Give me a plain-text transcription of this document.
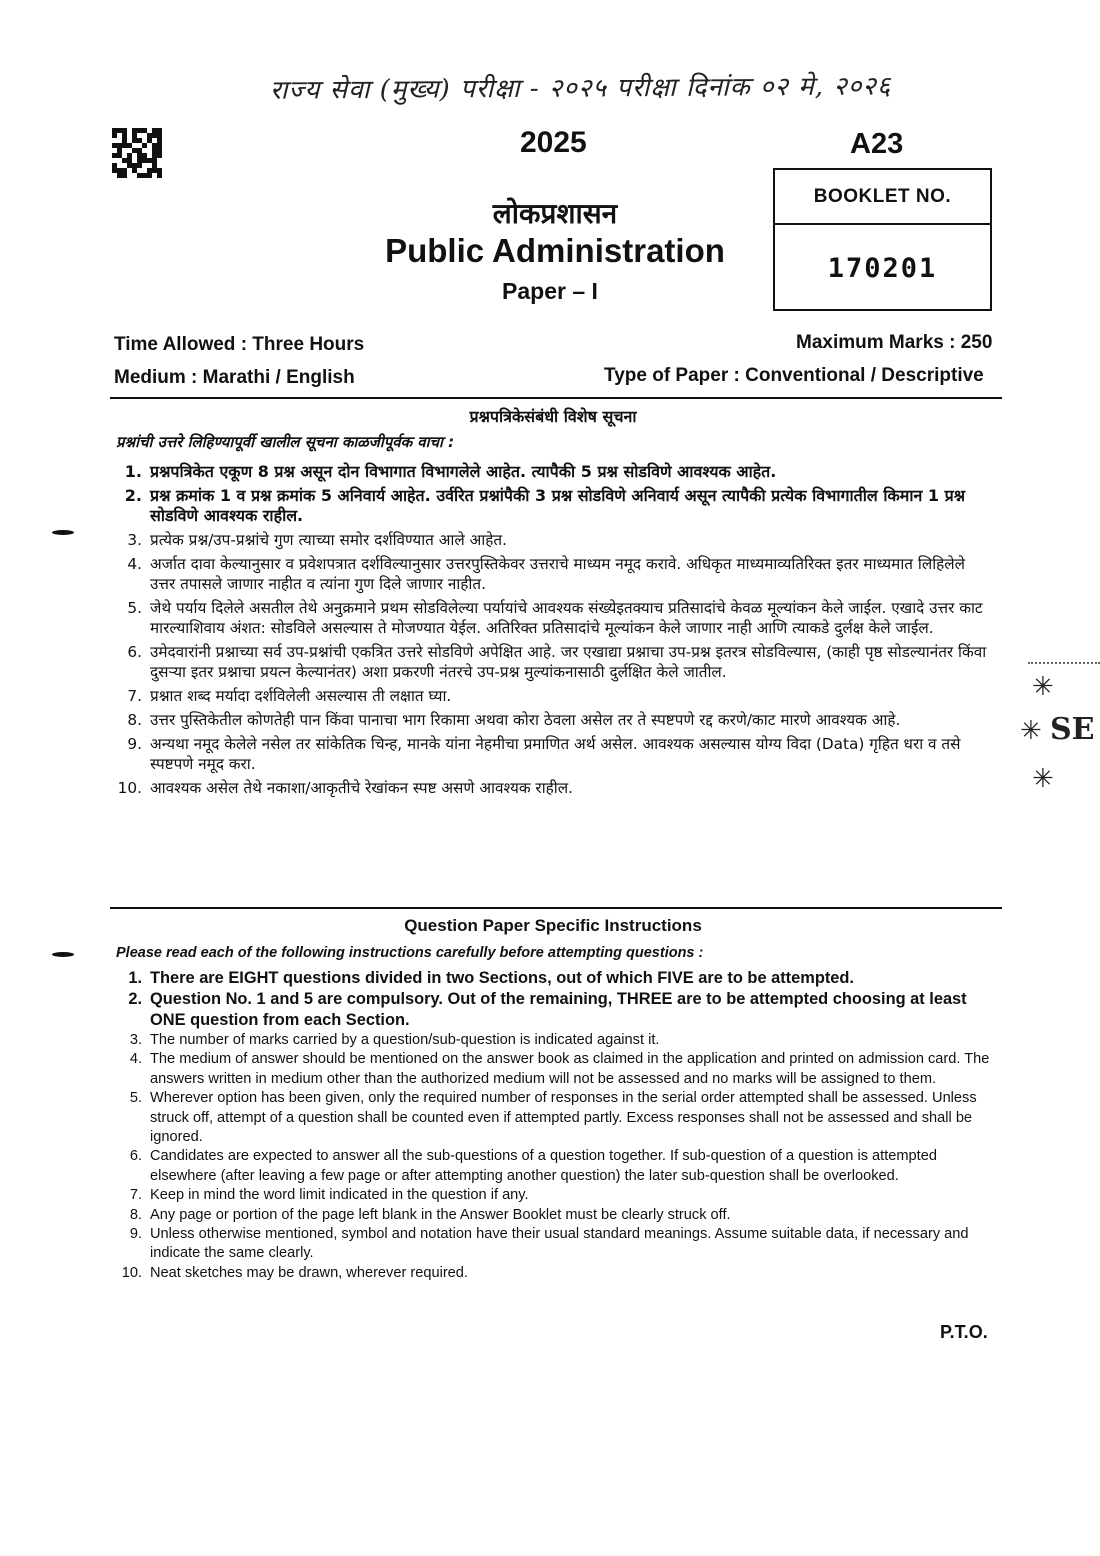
राज्य सेवा (मुख्य) परीक्षा - २०२५ परीक्षा दिनांक ०२ मे, २०२६
2025	A23
BOOKLET NO.
170201
लोकप्रशासन
Public Administration
Paper – I
Time Allowed : Three Hours	Maximum Marks : 250
Medium : Marathi / English	Type of Paper : Conventional / Descriptive
प्रश्नपत्रिकेसंबंधी विशेष सूचना
प्रश्नांची उत्तरे लिहिण्यापूर्वी खालील सूचना काळजीपूर्वक वाचा :
1. प्रश्नपत्रिकेत एकूण 8 प्रश्न असून दोन विभागात विभागलेले आहेत. त्यापैकी 5 प्रश्न सोडविणे आवश्यक आहेत.
2. प्रश्न क्रमांक 1 व प्रश्न क्रमांक 5 अनिवार्य आहेत. उर्वरित प्रश्नांपैकी 3 प्रश्न सोडविणे अनिवार्य असून त्यापैकी प्रत्येक विभागातील किमान 1 प्रश्न सोडविणे आवश्यक राहील.
3. प्रत्येक प्रश्न/उप-प्रश्नांचे गुण त्याच्या समोर दर्शविण्यात आले आहेत.
4. अर्जात दावा केल्यानुसार व प्रवेशपत्रात दर्शविल्यानुसार उत्तरपुस्तिकेवर उत्तराचे माध्यम नमूद करावे. अधिकृत माध्यमाव्यतिरिक्त इतर माध्यमात लिहिलेले उत्तर तपासले जाणार नाहीत व त्यांना गुण दिले जाणार नाहीत.
5. जेथे पर्याय दिलेले असतील तेथे अनुक्रमाने प्रथम सोडविलेल्या पर्यायांचे आवश्यक संख्येइतक्याच प्रतिसादांचे केवळ मूल्यांकन केले जाईल. एखादे उत्तर काट मारल्याशिवाय अंशत: सोडविले असल्यास ते मोजण्यात येईल. अतिरिक्त प्रतिसादांचे मूल्यांकन केले जाणार नाही आणि त्याकडे दुर्लक्ष केले जाईल.
6. उमेदवारांनी प्रश्नाच्या सर्व उप-प्रश्नांची एकत्रित उत्तरे सोडविणे अपेक्षित आहे. जर एखाद्या प्रश्नाचा उप-प्रश्न इतरत्र सोडविल्यास, (काही पृष्ठ सोडल्यानंतर किंवा दुसऱ्या इतर प्रश्नाचा प्रयत्न केल्यानंतर) अशा प्रकरणी नंतरचे उप-प्रश्न मुल्यांकनासाठी दुर्लक्षित केले जातील.
7. प्रश्नात शब्द मर्यादा दर्शविलेली असल्यास ती लक्षात घ्या.
8. उत्तर पुस्तिकेतील कोणतेही पान किंवा पानाचा भाग रिकामा अथवा कोरा ठेवला असेल तर ते स्पष्टपणे रद्द करणे/काट मारणे आवश्यक आहे.
9. अन्यथा नमूद केलेले नसेल तर सांकेतिक चिन्ह, मानके यांना नेहमीचा प्रमाणित अर्थ असेल. आवश्यक असल्यास योग्य विदा (Data) गृहित धरा व तसे स्पष्टपणे नमूद करा.
10. आवश्यक असेल तेथे नकाशा/आकृतीचे रेखांकन स्पष्ट असणे आवश्यक राहील.
Question Paper Specific Instructions
Please read each of the following instructions carefully before attempting questions :
1. There are EIGHT questions divided in two Sections, out of which FIVE are to be attempted.
2. Question No. 1 and 5 are compulsory. Out of the remaining, THREE are to be attempted choosing at least ONE question from each Section.
3. The number of marks carried by a question/sub-question is indicated against it.
4. The medium of answer should be mentioned on the answer book as claimed in the application and printed on admission card. The answers written in medium other than the authorized medium will not be assessed and no marks will be assigned to them.
5. Wherever option has been given, only the required number of responses in the serial order attempted shall be assessed. Unless struck off, attempt of a question shall be counted even if attempted partly. Excess responses shall not be assessed and shall be ignored.
6. Candidates are expected to answer all the sub-questions of a question together. If sub-question of a question is attempted elsewhere (after leaving a few page or after attempting another question) the later sub-question shall be overlooked.
7. Keep in mind the word limit indicated in the question if any.
8. Any page or portion of the page left blank in the Answer Booklet must be clearly struck off.
9. Unless otherwise mentioned, symbol and notation have their usual standard meanings. Assume suitable data, if necessary and indicate the same clearly.
10. Neat sketches may be drawn, wherever required.
P.T.O.
✳
✳ SE
✳
